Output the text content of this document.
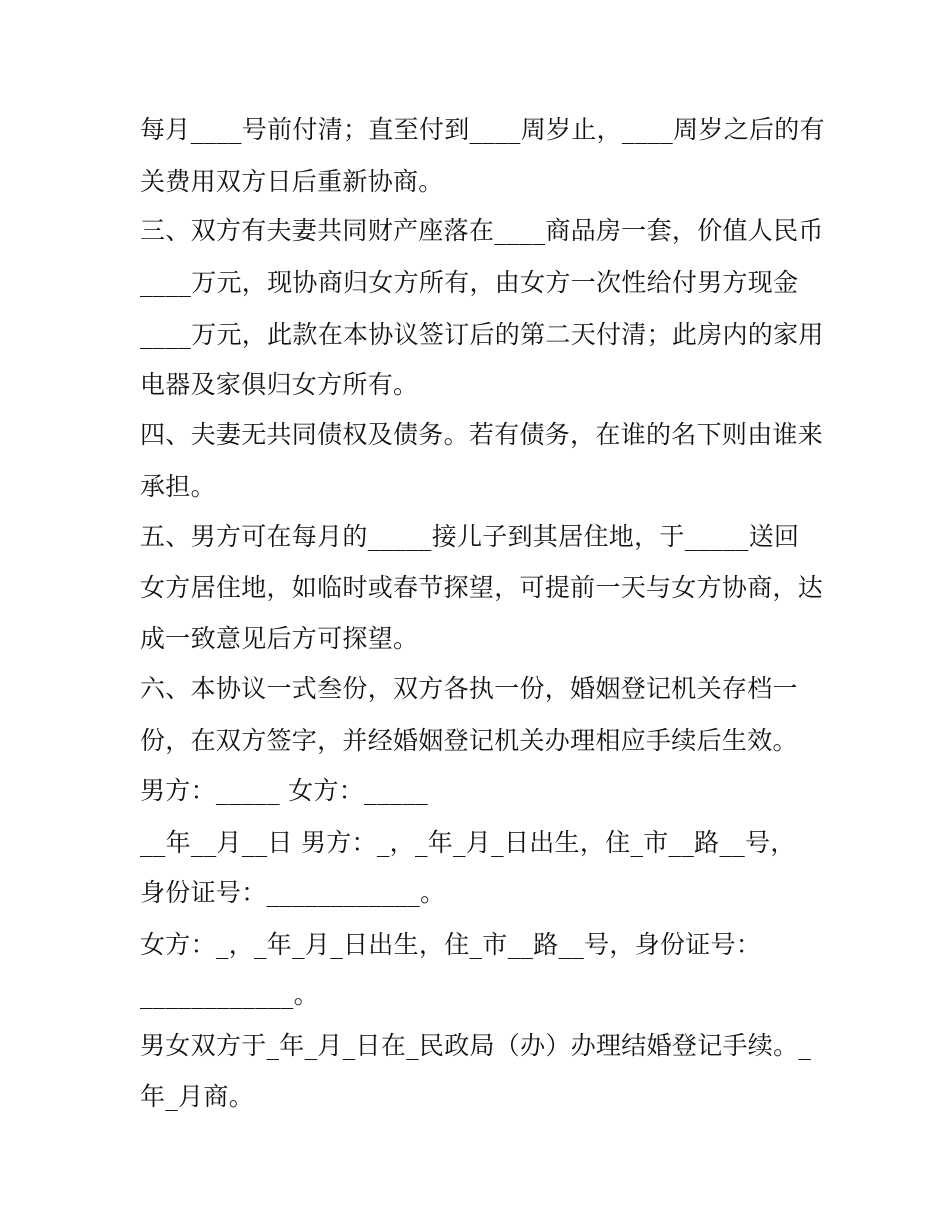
每月____号前付清；直至付到____周岁止，____周岁之后的有
关费用双方日后重新协商。
三、双方有夫妻共同财产座落在____商品房一套，价值人民币
____万元，现协商归女方所有，由女方一次性给付男方现金
____万元，此款在本协议签订后的第二天付清；此房内的家用
电器及家俱归女方所有。
四、夫妻无共同债权及债务。若有债务，在谁的名下则由谁来
承担。
五、男方可在每月的_____接儿子到其居住地，于_____送回
女方居住地，如临时或春节探望，可提前一天与女方协商，达
成一致意见后方可探望。
六、本协议一式叁份，双方各执一份，婚姻登记机关存档一
份，在双方签字，并经婚姻登记机关办理相应手续后生效。
男方：_____ 女方：_____
__年__月__日 男方：_，_年_月_日出生，住_市__路__号，
身份证号：____________。
女方：_，_年_月_日出生，住_市__路__号，身份证号：
____________。
男女双方于_年_月_日在_民政局（办）办理结婚登记手续。_
年_月商。
